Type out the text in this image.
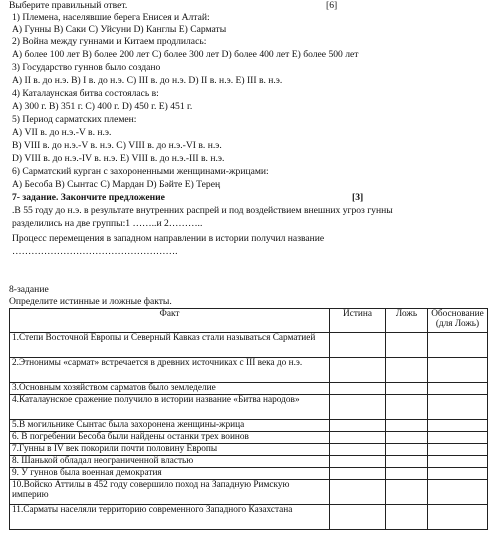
Выберите правильный ответ.	[6]
1) Племена, населявшие берега Енисея и Алтай:
А) Гунны B) Саки С) Уйсуни D) Канглы Е) Сарматы
2) Война между гуннами и Китаем продлилась:
А) более 100 лет B) более 200 лет С) более 300 лет D) более 400 лет Е) более 500 лет
3) Государство гуннов было создано
А) II в. до н.э. B) I в. до н.э. С) III в. до н.э. D) II в. н.э. Е) III в. н.э.
4) Каталаунская битва состоялась в:
А) 300 г. B) 351 г. С) 400 г. D) 450 г. Е) 451 г.
5) Период сарматских племен:
А) VII в. до н.э.-V в. н.э.
B) VIII в. до н.э.-V в. н.э. С) VIII в. до н.э.-VI в. н.э.
D) VIII в. до н.э.-IV в. н.э. Е) VIII в. до н.э.-III в. н.э.
6) Сарматский курган с захороненными женщинами-жрицами:
А) Бесоба B) Сынтас С) Мардан D) Бәйте Е) Терең
7- задание. Закончите предложение	[3]
.В 55 году до н.э. в результате внутренних распрей и под воздействием внешних угроз гунны
разделились на две группы:1 ……..и 2………..
Процесс перемещения в западном направлении в истории получил название
…………………………………………….
8-задание
Определите истинные и ложные факты.
Факт	Истина	Ложь	Обоснование (для Ложь)
1.Степи Восточной Европы и Северный Кавказ стали называться Сарматией			
2.Этнонимы «сармат» встречается в древних источниках с III века до н.э.			
3.Основным хозяйством сарматов было земледелие			
4.Каталаунское сражение получило в истории название «Битва народов»			
5.В могильнике Сынтас была захоронена женщины-жрица			
6. В погребении Бесоба были найдены останки трех воинов			
7.Гунны в IV век покорили почти половину Европы			
8. Шанькой обладал неограниченной властью			
9. У гуннов была военная демократия			
10.Войско Аттилы в 452 году совершило поход на Западную Римскую империю			
11.Сарматы населяли территорию современного Западного Казахстана			
